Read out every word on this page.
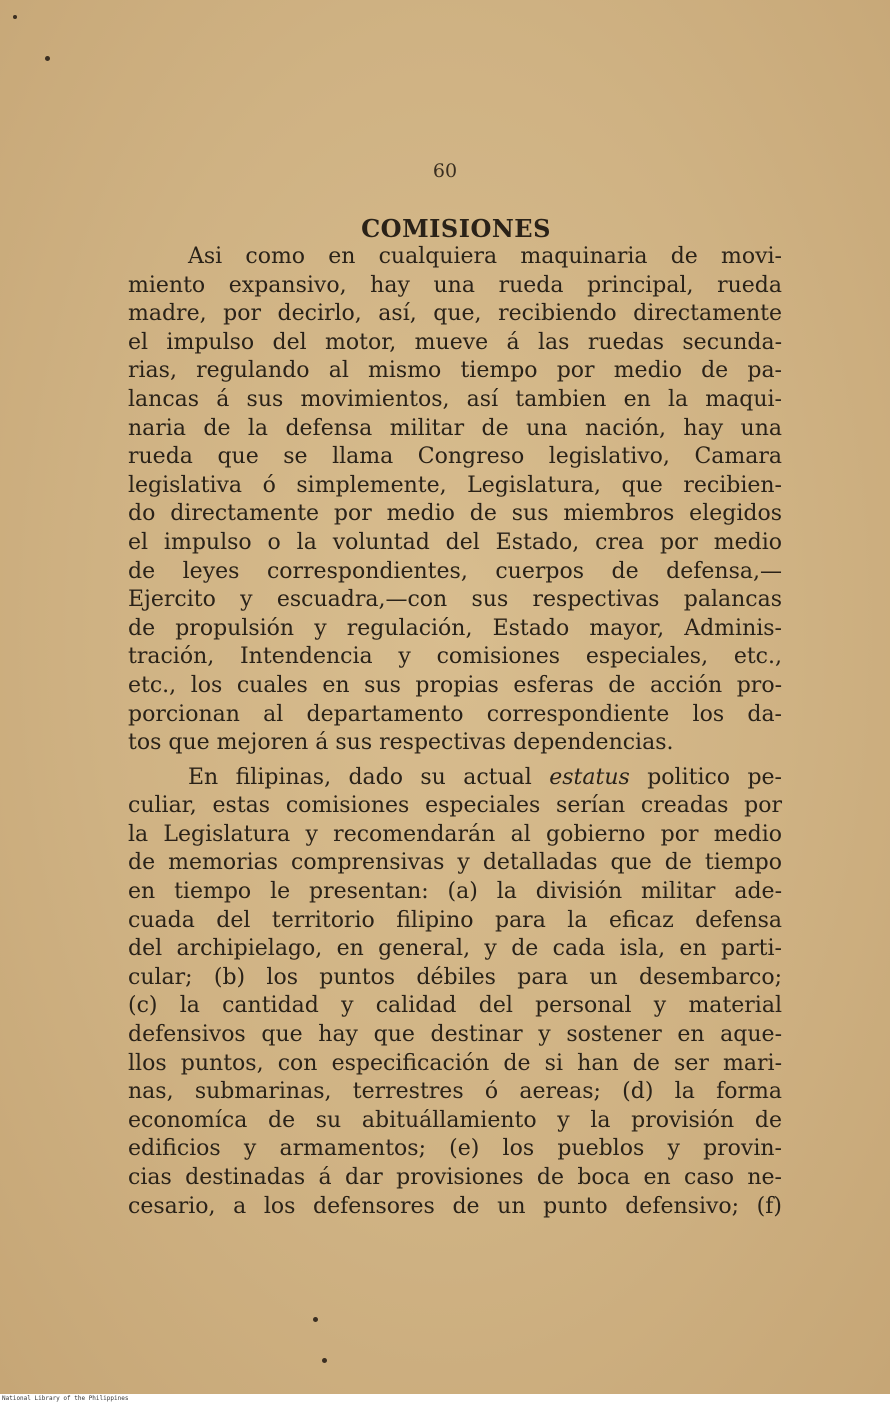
60
COMISIONES
Asi como en cualquiera maquinaria de movi-
miento expansivo, hay una rueda principal, rueda
madre, por decirlo, así, que, recibiendo directamente
el impulso del motor, mueve á las ruedas secunda-
rias, regulando al mismo tiempo por medio de pa-
lancas á sus movimientos, así tambien en la maqui-
naria de la defensa militar de una nación, hay una
rueda que se llama Congreso legislativo, Camara
legislativa ó simplemente, Legislatura, que recibien-
do directamente por medio de sus miembros elegidos
el impulso o la voluntad del Estado, crea por medio
de leyes correspondientes, cuerpos de defensa,—
Ejercito y escuadra,—con sus respectivas palancas
de propulsión y regulación, Estado mayor, Adminis-
tración, Intendencia y comisiones especiales, etc.,
etc., los cuales en sus propias esferas de acción pro-
porcionan al departamento correspondiente los da-
tos que mejoren á sus respectivas dependencias.
En filipinas, dado su actual estatus politico pe-
culiar, estas comisiones especiales serían creadas por
la Legislatura y recomendarán al gobierno por medio
de memorias comprensivas y detalladas que de tiempo
en tiempo le presentan: (a) la división militar ade-
cuada del territorio filipino para la eficaz defensa
del archipielago, en general, y de cada isla, en parti-
cular; (b) los puntos débiles para un desembarco;
(c) la cantidad y calidad del personal y material
defensivos que hay que destinar y sostener en aque-
llos puntos, con especificación de si han de ser mari-
nas, submarinas, terrestres ó aereas; (d) la forma
economíca de su abituállamiento y la provisión de
edificios y armamentos; (e) los pueblos y provin-
cias destinadas á dar provisiones de boca en caso ne-
cesario, a los defensores de un punto defensivo; (f)
National Library of the Philippines
